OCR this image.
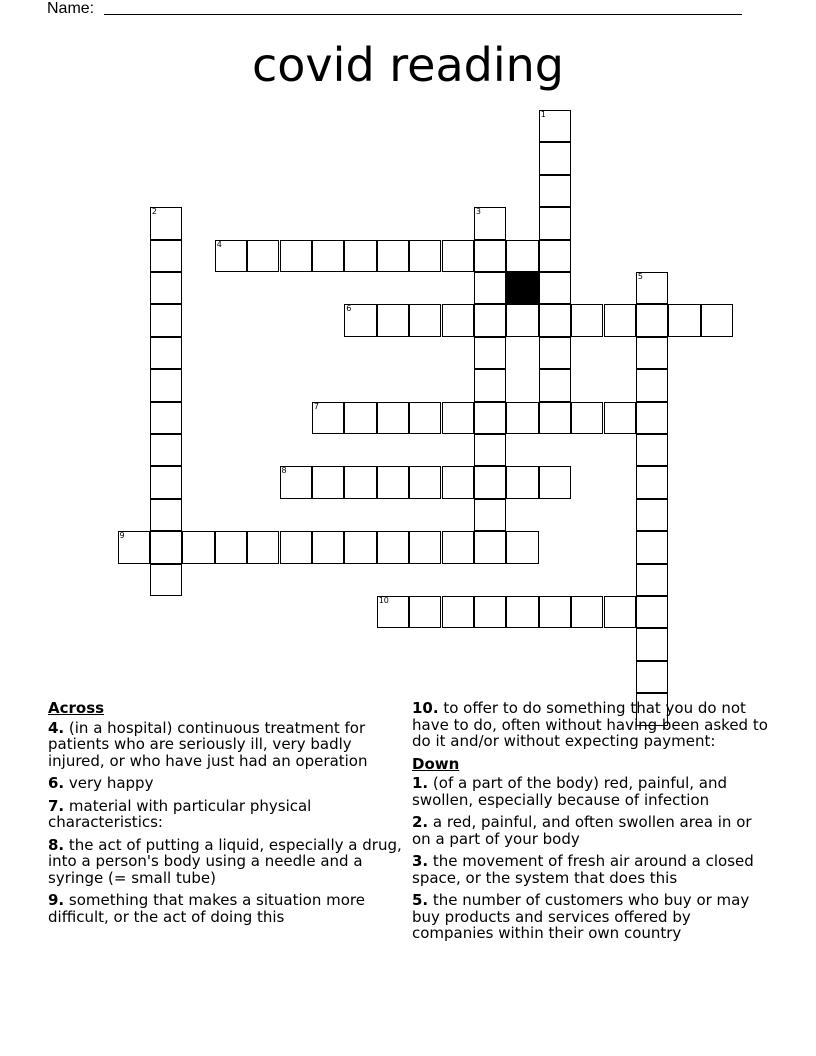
Name:
covid reading
4
6
7
8
9
10
1
2	3
5
Across
4. (in a hospital) continuous treatment for patients who are seriously ill, very badly injured, or who have just had an operation
6. very happy
7. material with particular physical characteristics:
8. the act of putting a liquid, especially a drug, into a person's body using a needle and a syringe (= small tube)
9. something that makes a situation more difficult, or the act of doing this
10. to offer to do something that you do not have to do, often without having been asked to do it and/or without expecting payment:
Down
1. (of a part of the body) red, painful, and swollen, especially because of infection
2. a red, painful, and often swollen area in or on a part of your body
3. the movement of fresh air around a closed space, or the system that does this
5. the number of customers who buy or may buy products and services offered by companies within their own country
